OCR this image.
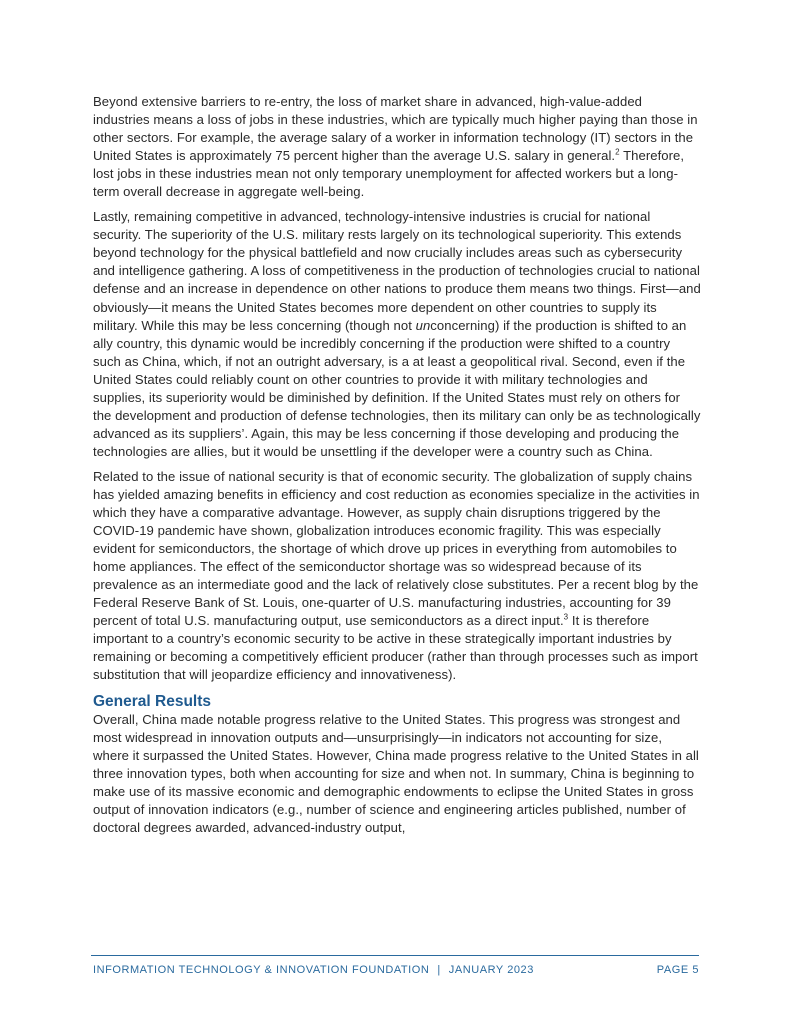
Beyond extensive barriers to re-entry, the loss of market share in advanced, high-value-added industries means a loss of jobs in these industries, which are typically much higher paying than those in other sectors. For example, the average salary of a worker in information technology (IT) sectors in the United States is approximately 75 percent higher than the average U.S. salary in general.$^2$ Therefore, lost jobs in these industries mean not only temporary unemployment for affected workers but a long-term overall decrease in aggregate well-being.

Lastly, remaining competitive in advanced, technology-intensive industries is crucial for national security. The superiority of the U.S. military rests largely on its technological superiority. This extends beyond technology for the physical battlefield and now crucially includes areas such as cybersecurity and intelligence gathering. A loss of competitiveness in the production of technologies crucial to national defense and an increase in dependence on other nations to produce them means two things. First—and obviously—it means the United States becomes more dependent on other countries to supply its military. While this may be less concerning (though not unconcerning) if the production is shifted to an ally country, this dynamic would be incredibly concerning if the production were shifted to a country such as China, which, if not an outright adversary, is a at least a geopolitical rival. Second, even if the United States could reliably count on other countries to provide it with military technologies and supplies, its superiority would be diminished by definition. If the United States must rely on others for the development and production of defense technologies, then its military can only be as technologically advanced as its suppliers’. Again, this may be less concerning if those developing and producing the technologies are allies, but it would be unsettling if the developer were a country such as China.

Related to the issue of national security is that of economic security. The globalization of supply chains has yielded amazing benefits in efficiency and cost reduction as economies specialize in the activities in which they have a comparative advantage. However, as supply chain disruptions triggered by the COVID-19 pandemic have shown, globalization introduces economic fragility. This was especially evident for semiconductors, the shortage of which drove up prices in everything from automobiles to home appliances. The effect of the semiconductor shortage was so widespread because of its prevalence as an intermediate good and the lack of relatively close substitutes. Per a recent blog by the Federal Reserve Bank of St. Louis, one-quarter of U.S. manufacturing industries, accounting for 39 percent of total U.S. manufacturing output, use semiconductors as a direct input.$^3$ It is therefore important to a country’s economic security to be active in these strategically important industries by remaining or becoming a competitively efficient producer (rather than through processes such as import substitution that will jeopardize efficiency and innovativeness).

General Results

Overall, China made notable progress relative to the United States. This progress was strongest and most widespread in innovation outputs and—unsurprisingly—in indicators not accounting for size, where it surpassed the United States. However, China made progress relative to the United States in all three innovation types, both when accounting for size and when not. In summary, China is beginning to make use of its massive economic and demographic endowments to eclipse the United States in gross output of innovation indicators (e.g., number of science and engineering articles published, number of doctoral degrees awarded, advanced-industry output,

INFORMATION TECHNOLOGY & INNOVATION FOUNDATION | JANUARY 2023	PAGE 5
